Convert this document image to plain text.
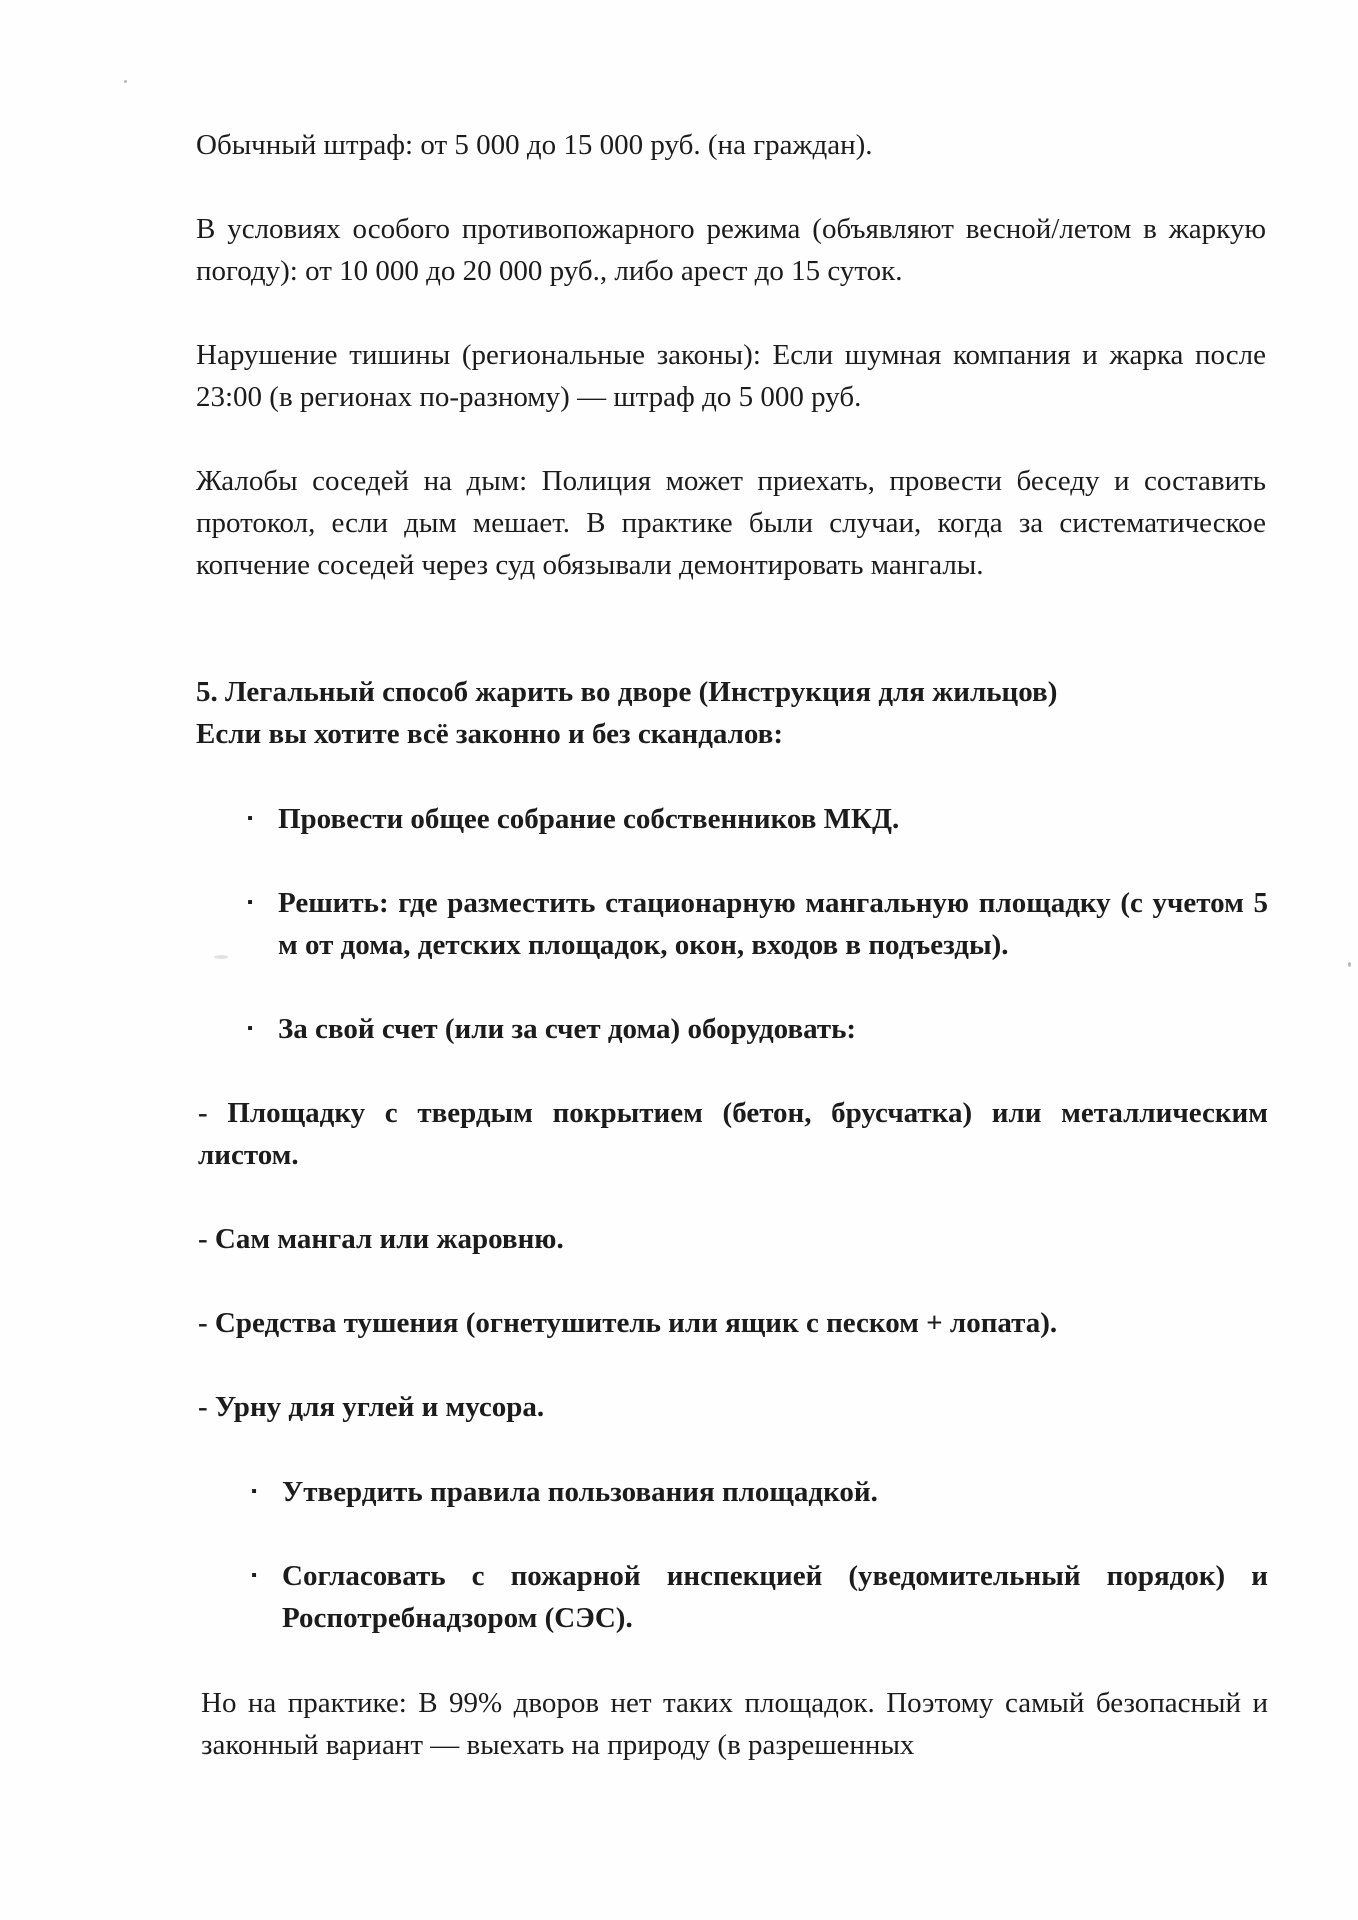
Обычный штраф: от 5 000 до 15 000 руб. (на граждан).

В условиях особого противопожарного режима (объявляют весной/летом в жаркую погоду): от 10 000 до 20 000 руб., либо арест до 15 суток.

Нарушение тишины (региональные законы): Если шумная компания и жарка после 23:00 (в регионах по-разному) — штраф до 5 000 руб.

Жалобы соседей на дым: Полиция может приехать, провести беседу и составить протокол, если дым мешает. В практике были случаи, когда за систематическое копчение соседей через суд обязывали демонтировать мангалы.

5. Легальный способ жарить во дворе (Инструкция для жильцов)

Если вы хотите всё законно и без скандалов:

▪ Провести общее собрание собственников МКД.

▪ Решить: где разместить стационарную мангальную площадку (с учетом 5 м от дома, детских площадок, окон, входов в подъезды).

▪ За свой счет (или за счет дома) оборудовать:

- Площадку с твердым покрытием (бетон, брусчатка) или металлическим листом.

- Сам мангал или жаровню.

- Средства тушения (огнетушитель или ящик с песком + лопата).

- Урну для углей и мусора.

▪ Утвердить правила пользования площадкой.

▪ Согласовать с пожарной инспекцией (уведомительный порядок) и Роспотребнадзором (СЭС).

Но на практике: В 99% дворов нет таких площадок. Поэтому самый безопасный и законный вариант — выехать на природу (в разрешенных
